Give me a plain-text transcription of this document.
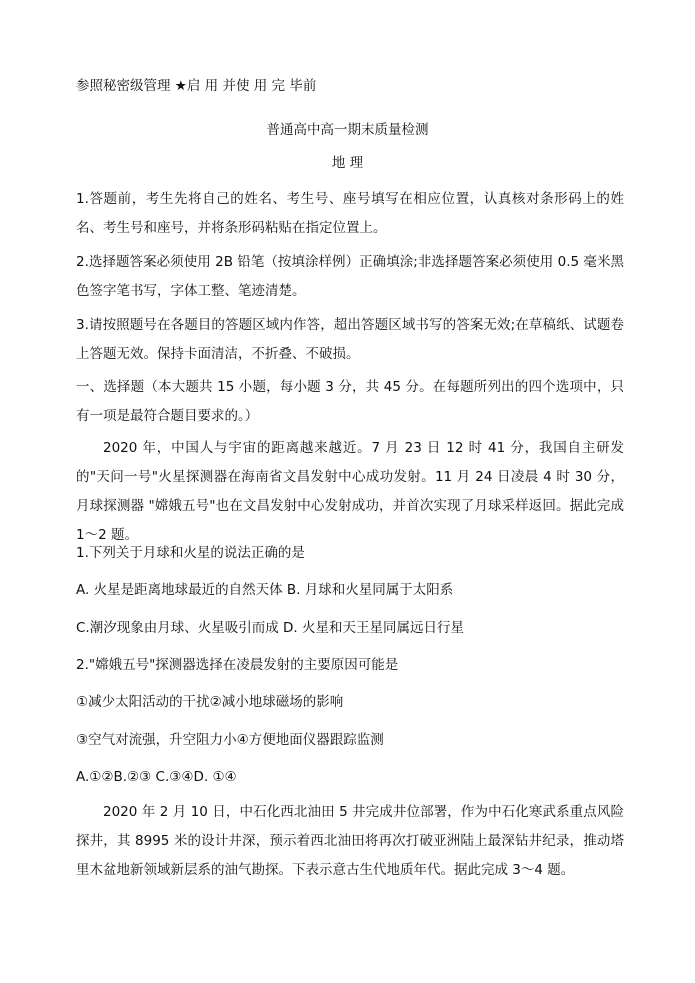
参照秘密级管理 ★启 用 并使 用 完 毕前
普通高中高一期末质量检测
地 理
1.答题前，考生先将自己的姓名、考生号、座号填写在相应位置，认真核对条形码上的姓名、考生号和座号，并将条形码粘贴在指定位置上。
2.选择题答案必须使用 2B 铅笔（按填涂样例）正确填涂;非选择题答案必须使用 0.5 毫米黑色签字笔书写，字体工整、笔迹清楚。
3.请按照题号在各题目的答题区域内作答，超出答题区域书写的答案无效;在草稿纸、试题卷上答题无效。保持卡面清洁，不折叠、不破损。
一、选择题（本大题共 15 小题，每小题 3 分，共 45 分。在每题所列出的四个选项中，只有一项是最符合题目要求的。）
2020 年，中国人与宇宙的距离越来越近。7 月 23 日 12 时 41 分，我国自主研发的"天问一号"火星探测器在海南省文昌发射中心成功发射。11 月 24 日凌晨 4 时 30 分，月球探测器 "嫦娥五号"也在文昌发射中心发射成功，并首次实现了月球采样返回。据此完成 1～2 题。
1.下列关于月球和火星的说法正确的是
A. 火星是距离地球最近的自然天体 B. 月球和火星同属于太阳系
C.潮汐现象由月球、火星吸引而成 D. 火星和天王星同属远日行星
2."嫦娥五号"探测器选择在凌晨发射的主要原因可能是
①减少太阳活动的干扰②减小地球磁场的影响
③空气对流强，升空阻力小④方便地面仪器跟踪监测
A.①②B.②③ C.③④D. ①④
2020 年 2 月 10 日，中石化西北油田 5 井完成井位部署，作为中石化寒武系重点风险探井，其 8995 米的设计井深，预示着西北油田将再次打破亚洲陆上最深钻井纪录，推动塔里木盆地新领域新层系的油气勘探。下表示意古生代地质年代。据此完成 3～4 题。
